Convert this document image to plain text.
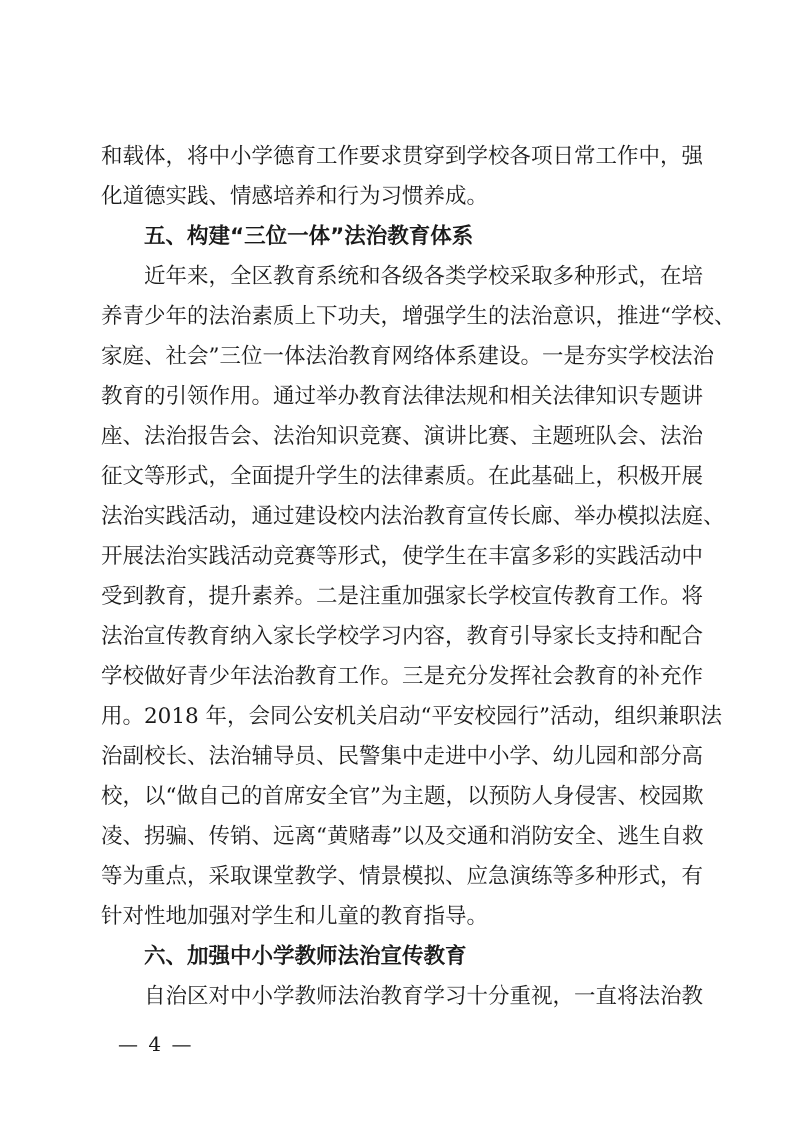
和载体，将中小学德育工作要求贯穿到学校各项日常工作中，强
化道德实践、情感培养和行为习惯养成。
五、构建“三位一体”法治教育体系
近年来，全区教育系统和各级各类学校采取多种形式，在培
养青少年的法治素质上下功夫，增强学生的法治意识，推进“学校、
家庭、社会”三位一体法治教育网络体系建设。一是夯实学校法治
教育的引领作用。通过举办教育法律法规和相关法律知识专题讲
座、法治报告会、法治知识竞赛、演讲比赛、主题班队会、法治
征文等形式，全面提升学生的法律素质。在此基础上，积极开展
法治实践活动，通过建设校内法治教育宣传长廊、举办模拟法庭、
开展法治实践活动竞赛等形式，使学生在丰富多彩的实践活动中
受到教育，提升素养。二是注重加强家长学校宣传教育工作。将
法治宣传教育纳入家长学校学习内容，教育引导家长支持和配合
学校做好青少年法治教育工作。三是充分发挥社会教育的补充作
用。2018 年，会同公安机关启动“平安校园行”活动，组织兼职法
治副校长、法治辅导员、民警集中走进中小学、幼儿园和部分高
校，以“做自己的首席安全官”为主题，以预防人身侵害、校园欺
凌、拐骗、传销、远离“黄赌毒”以及交通和消防安全、逃生自救
等为重点，采取课堂教学、情景模拟、应急演练等多种形式，有
针对性地加强对学生和儿童的教育指导。
六、加强中小学教师法治宣传教育
自治区对中小学教师法治教育学习十分重视，一直将法治教
— 4 —
